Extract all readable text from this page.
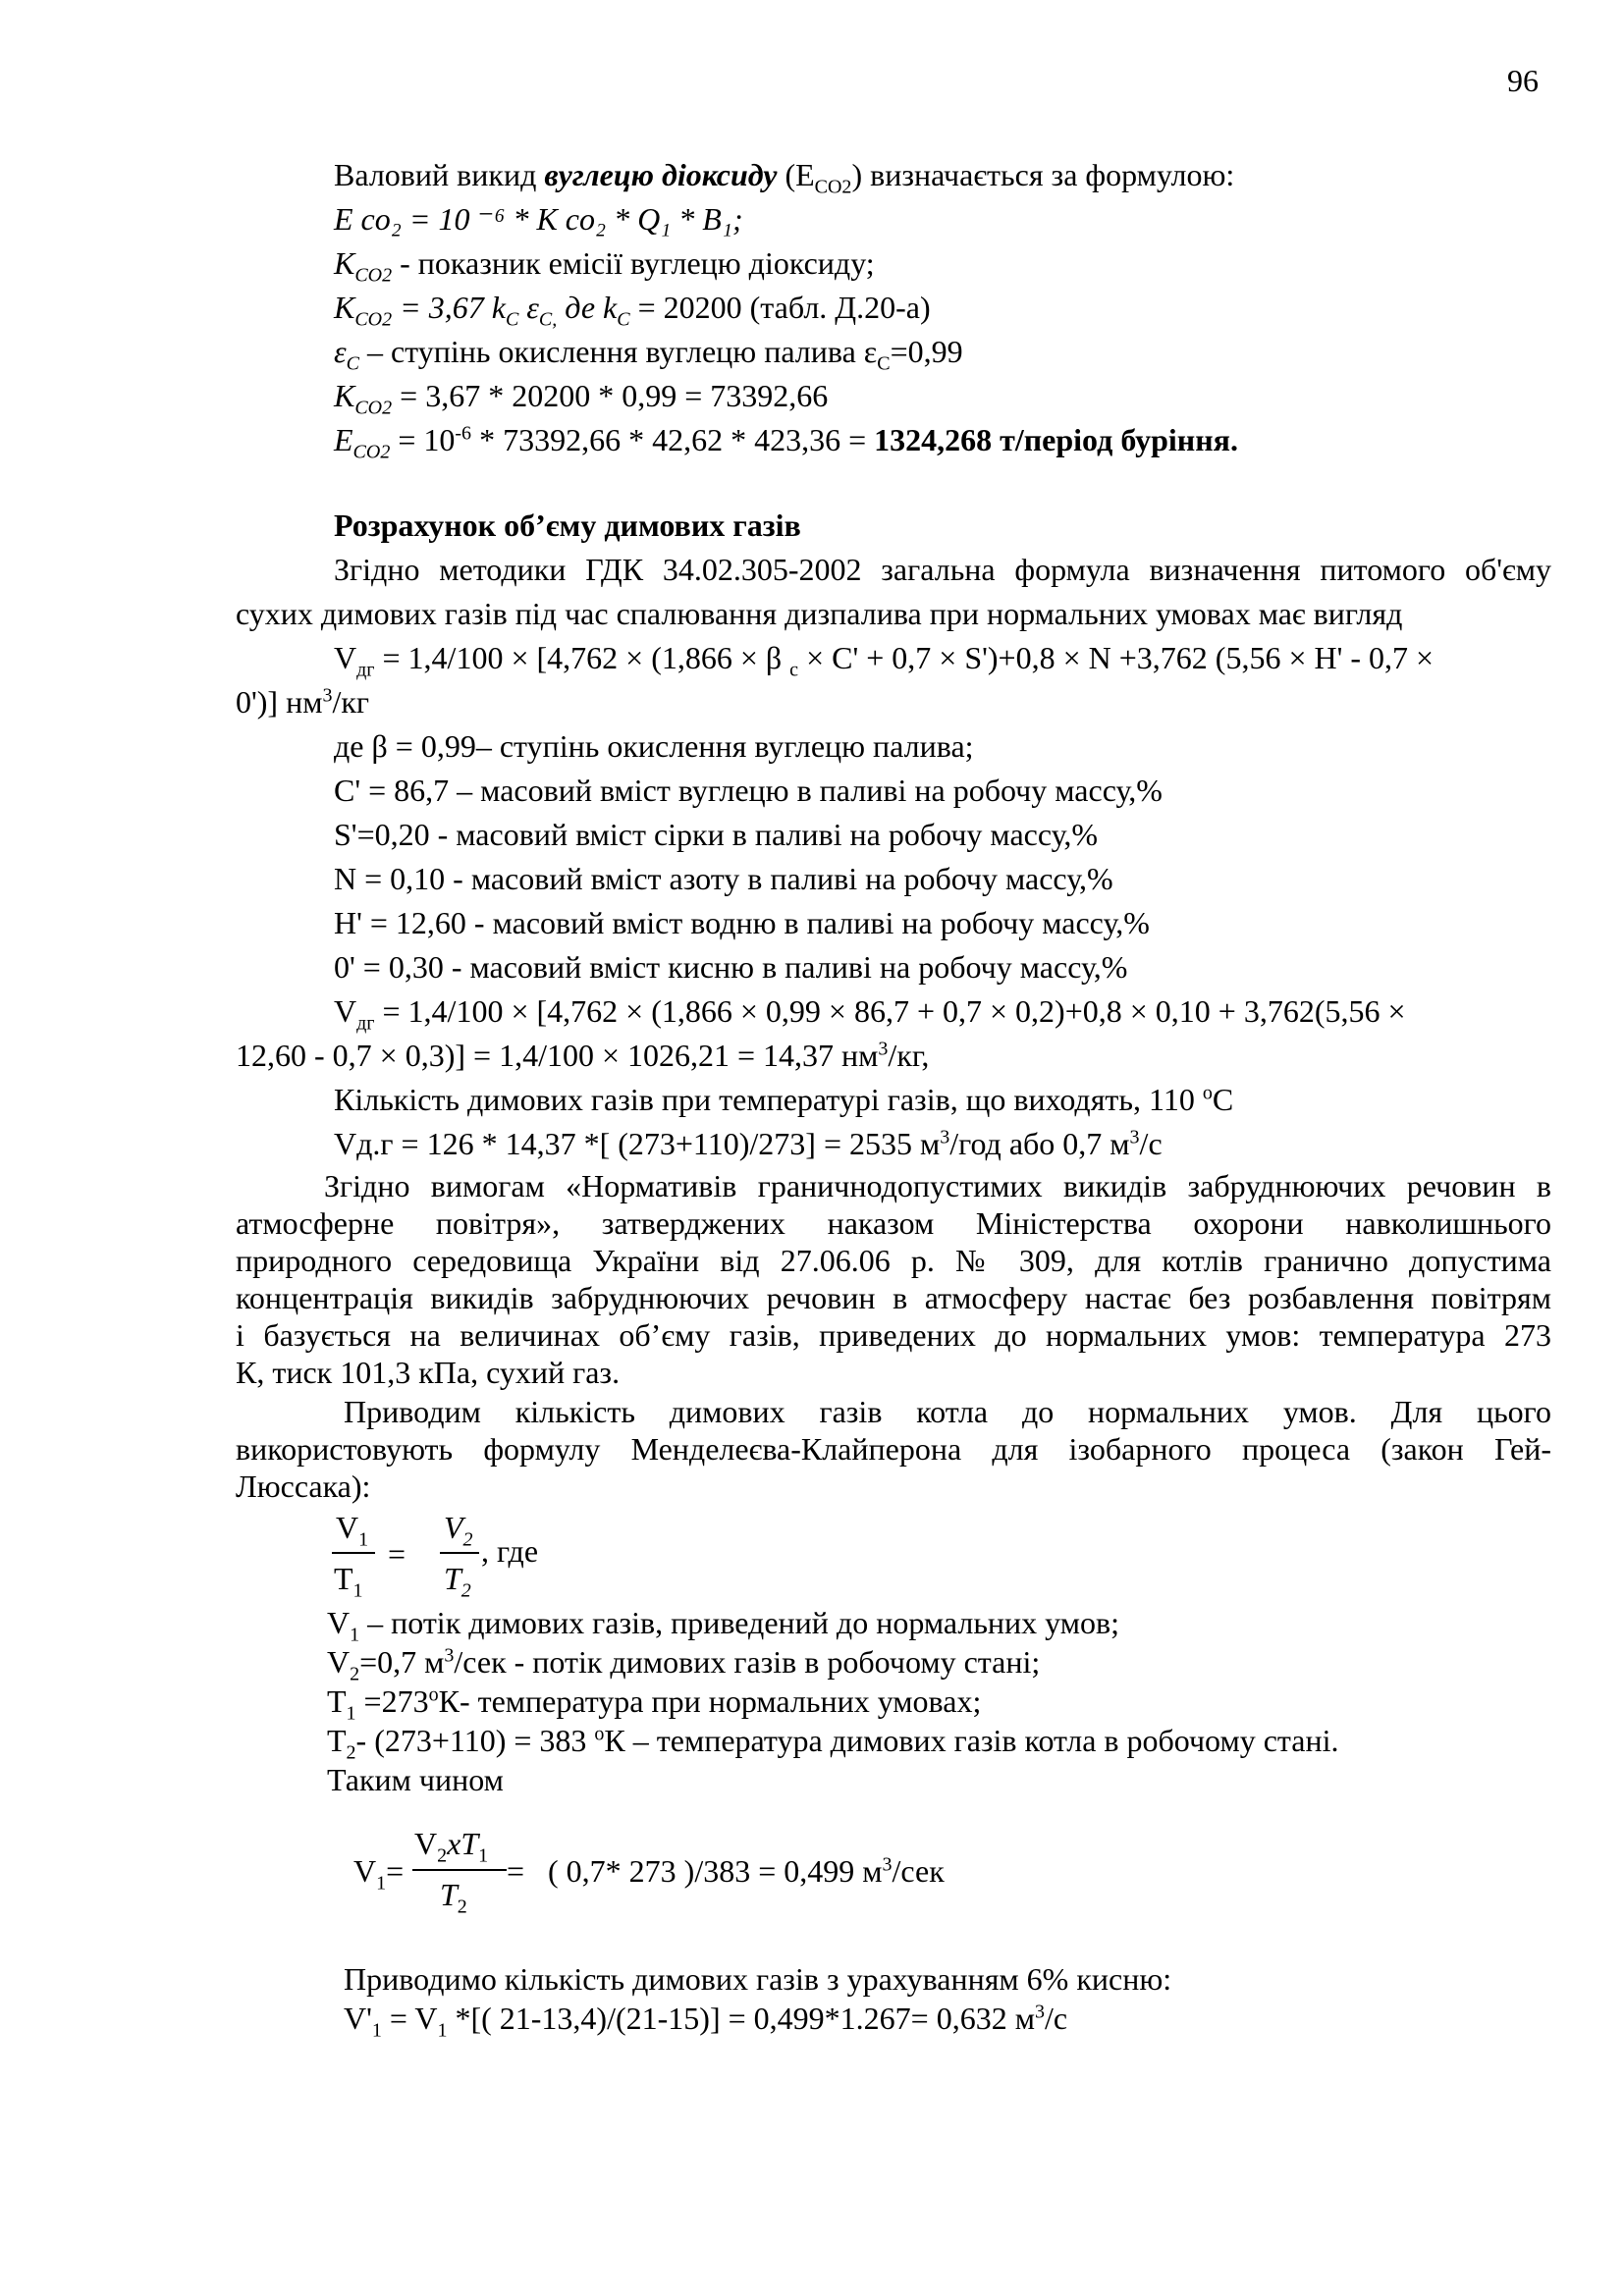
96
Валовий викид вуглецю діоксиду $(Е_{CO2})$ визначається за формулою:
E co₂ = 10 ⁻⁶ * К co₂ * Q₁ * B₁;
$K_{CO2}$ - показник емісії вуглецю діоксиду;
$K_{CO2} = 3,67$ $k_C$ $\varepsilon_{C,}$ де $k_C = 20200$ (табл. Д.20-а)
$\varepsilon_C$ – ступінь окислення вуглецю палива $\varepsilon_C=0,99$
$K_{CO2} = 3,67 * 20200 * 0,99 = 73392,66$
$E_{CO2} = 10^{-6} * 73392,66 * 42,62 * 423,36 = 1324,268$ т/період буріння.
Розрахунок об’єму димових газів
Згідно методики ГДК 34.02.305-2002 загальна формула визначення питомого об'єму
сухих димових газів під час спалювання дизпалива при нормальних умовах має вигляд
$V_{дг} = 1,4/100 \times [4,762 \times (1,866 \times \beta$ $_c$ × C' + 0,7 × S')+0,8 × N +3,762 (5,56 × H' - 0,7 ×
0')] $нм^3/кг$
де β = 0,99– ступінь окислення вуглецю палива;
C' = 86,7 – масовий вміст вуглецю в паливі на робочу массу,%
S'=0,20 - масовий вміст сірки в паливі на робочу массу,%
N = 0,10 - масовий вміст азоту в паливі на робочу массу,%
H' = 12,60 - масовий вміст водню в паливі на робочу массу,%
0' = 0,30 - масовий вміст кисню в паливі на робочу массу,%
$V_{дг} = 1,4/100 \times [4,762 \times (1,866 \times 0,99 \times 86,7 + 0,7 \times 0,2)+0,8 \times 0,10 + 3,762(5,56$ ×
12,60 - 0,7 × 0,3)] = 1,4/100 × 1026,21 = 14,37 $нм^3/кг$,
Кількість димових газів при температурі газів, що виходять, 110 $^о$С
Vд.г = 126 * 14,37 *[ (273+110)/273] = 2535 $м^3$/год або 0,7 $м^3/с$
Згідно вимогам «Нормативів граничнодопустимих викидів забруднюючих речовин в
атмосферне повітря», затверджених наказом Міністерства охорони навколишнього
природного середовища України від 27.06.06 р. № 309, для котлів гранично допустима
концентрація викидів забруднюючих речовин в атмосферу настає без розбавлення повітрям
і базується на величинах об’єму газів, приведених до нормальних умов: температура 273
К, тиск 101,3 кПа, сухий газ.
Приводим кількість димових газів котла до нормальних умов. Для цього
використовують формулу Менделеєва-Клайперона для ізобарного процеса (закон Гей-
Люссака):
$V_1$
$T_1$
=
$V_2$
$T_2$
, где
$V_1$ – потік димових газів, приведений до нормальних умов;
$V_2=0,7$ $м^3$/сек - потік димових газів в робочому стані;
$Т_1 =273^оК-$ температура при нормальних умовах;
$Т_2-$ (273+110) = 383 $^о$К – температура димових газів котла в робочому стані.
Таким чином
$V_1=$
$V_2xT_1$
$T_2$
= ( 0,7* 273 )/383 = 0,499 $м^3$/сек
Приводимо кількість димових газів з урахуванням 6% кисню:
$V'_1 = V_1$ *[( 21-13,4)/(21-15)] = 0,499*1.267= 0,632 $м^3/с$
